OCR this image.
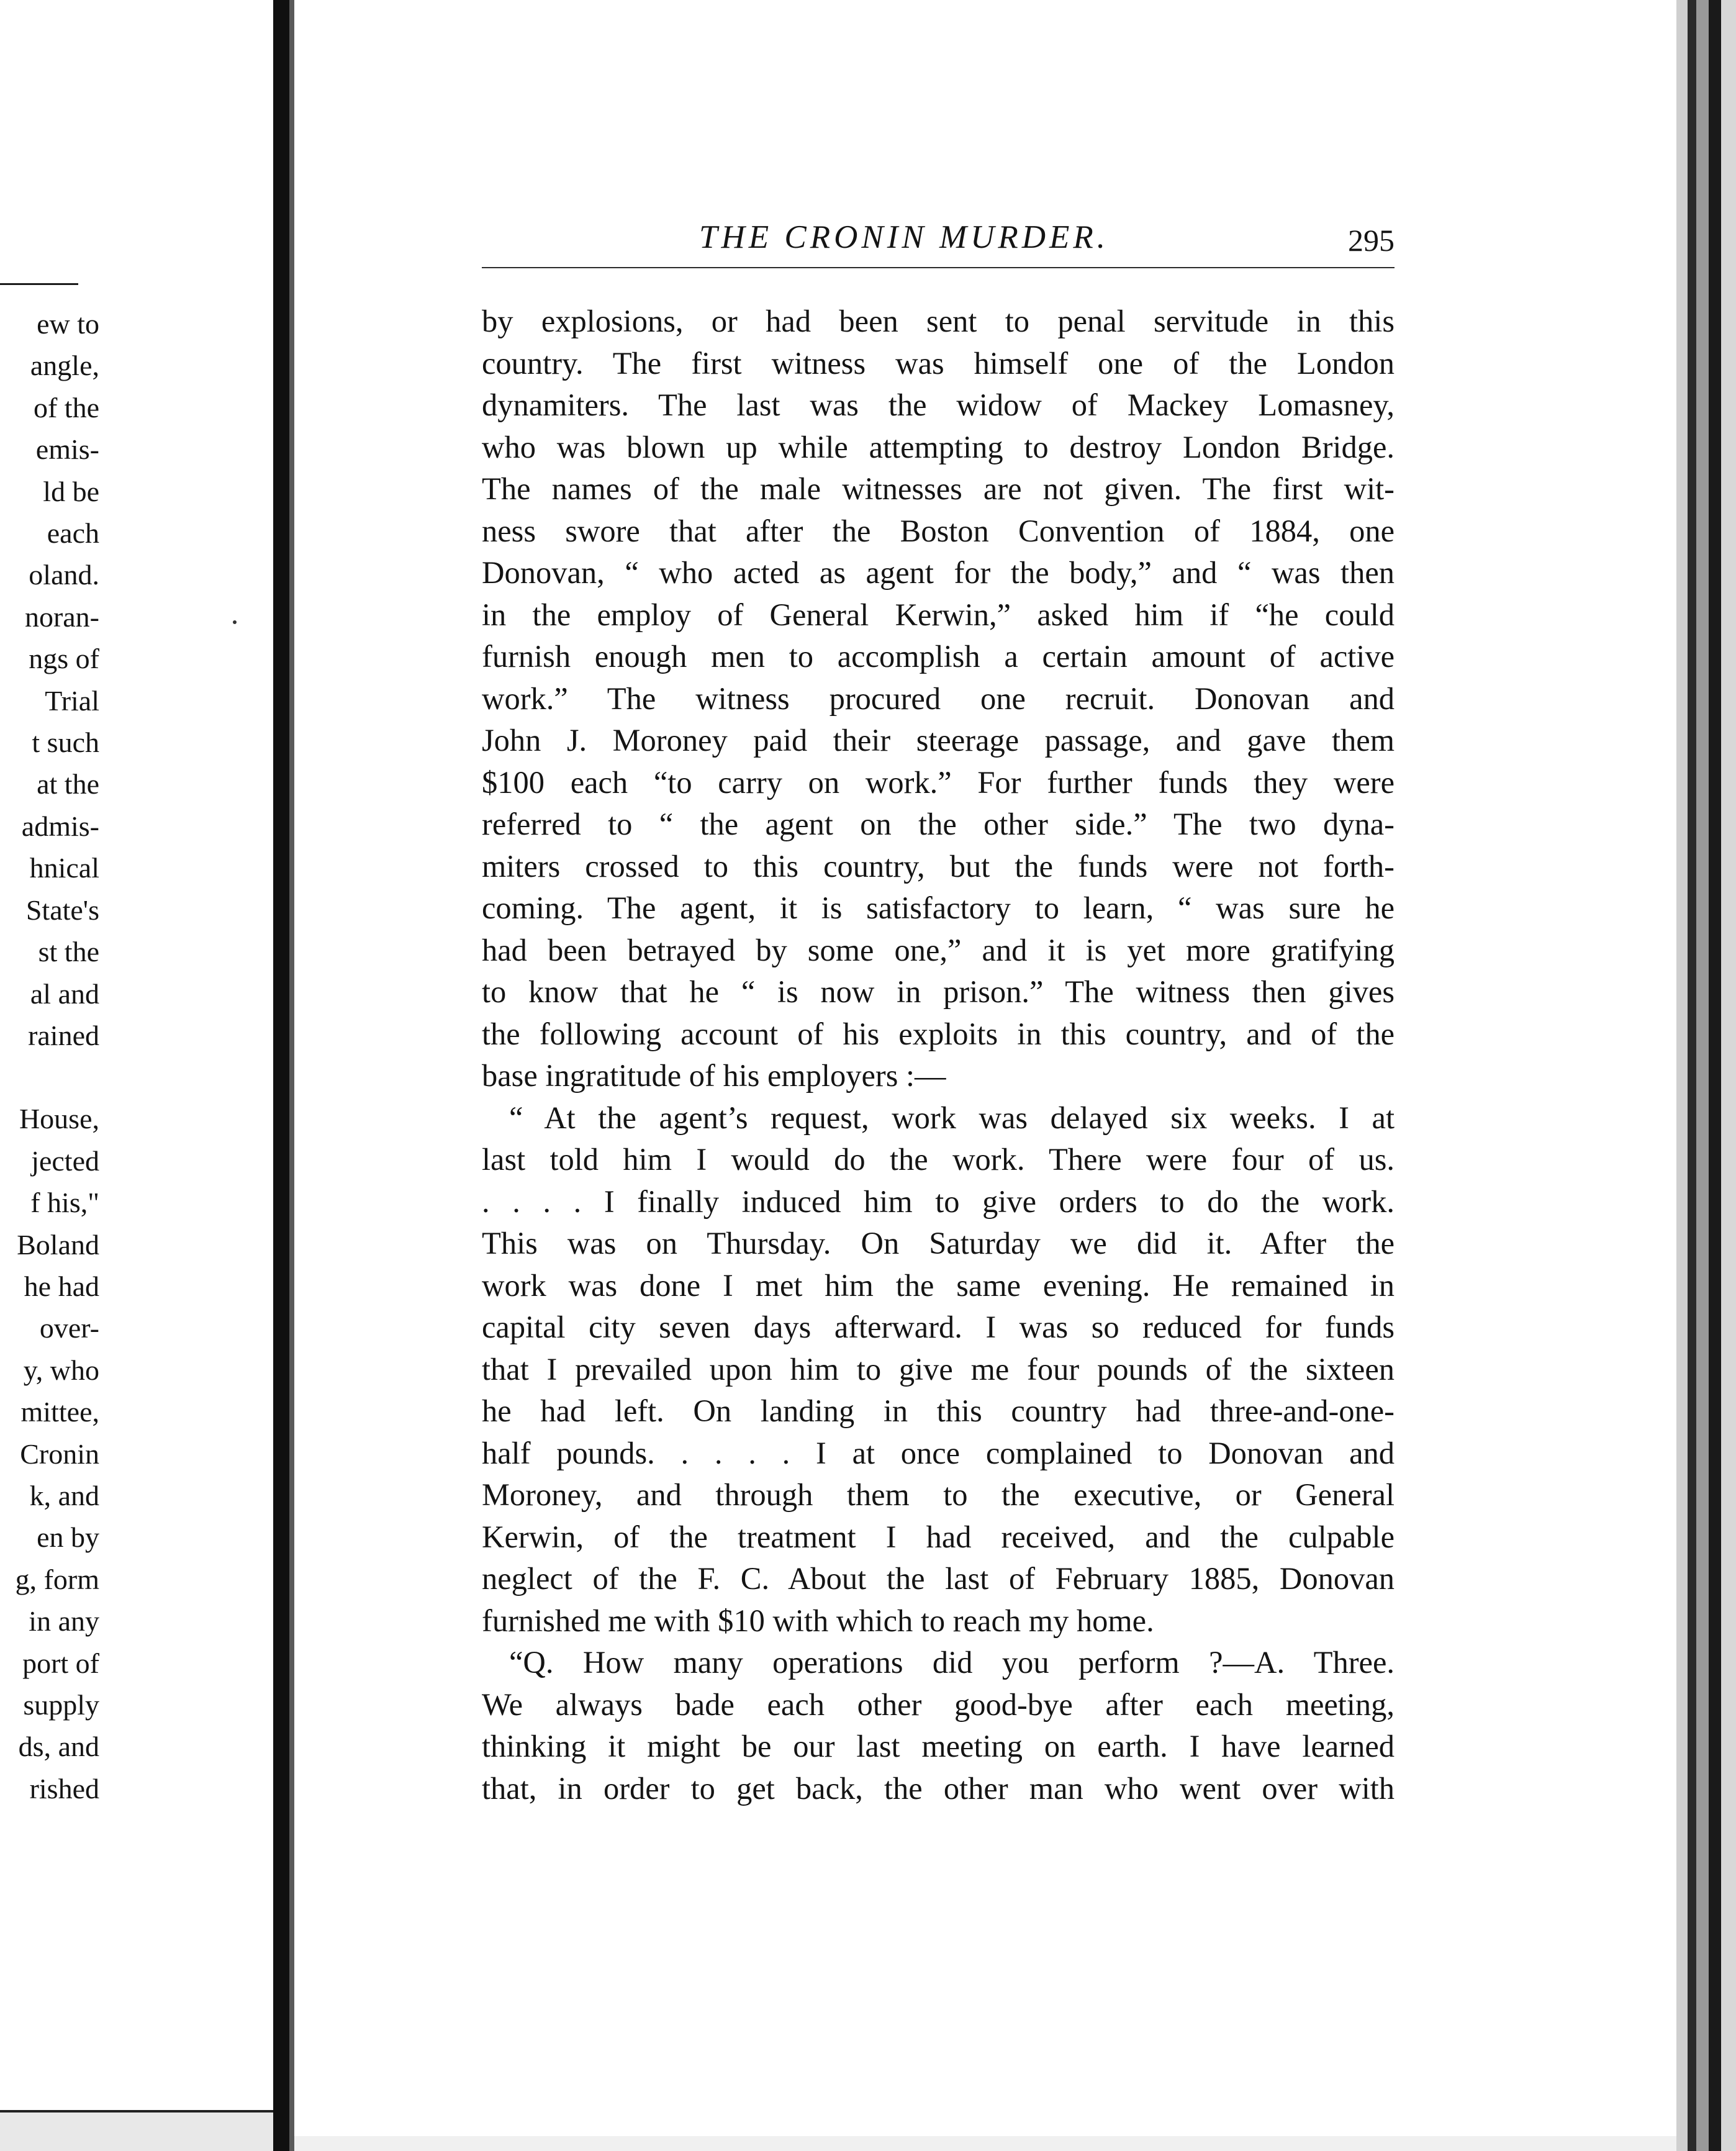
ew to
angle,
of the
emis-
ld be
each
oland.
noran-
ngs of
Trial
t such
at the
admis-
hnical
State's
st the
al and
rained
House,
jected
f his,"
Boland
he had
over-
y, who
mittee,
Cronin
k, and
en by
g, form
in any
port of
supply
ds, and
rished
THE CRONIN MURDER.	295
by explosions, or had been sent to penal servitude in this
country. The first witness was himself one of the London
dynamiters. The last was the widow of Mackey Lomasney,
who was blown up while attempting to destroy London Bridge.
The names of the male witnesses are not given. The first wit-
ness swore that after the Boston Convention of 1884, one
Donovan, “ who acted as agent for the body,” and “ was then
in the employ of General Kerwin,” asked him if “he could
furnish enough men to accomplish a certain amount of active
work.” The witness procured one recruit. Donovan and
John J. Moroney paid their steerage passage, and gave them
$100 each “to carry on work.” For further funds they were
referred to “ the agent on the other side.” The two dyna-
miters crossed to this country, but the funds were not forth-
coming. The agent, it is satisfactory to learn, “ was sure he
had been betrayed by some one,” and it is yet more gratifying
to know that he “ is now in prison.” The witness then gives
the following account of his exploits in this country, and of the
base ingratitude of his employers :—
“ At the agent’s request, work was delayed six weeks. I at
last told him I would do the work. There were four of us.
. . . . I finally induced him to give orders to do the work.
This was on Thursday. On Saturday we did it. After the
work was done I met him the same evening. He remained in
capital city seven days afterward. I was so reduced for funds
that I prevailed upon him to give me four pounds of the sixteen
he had left. On landing in this country had three-and-one-
half pounds. . . . . I at once complained to Donovan and
Moroney, and through them to the executive, or General
Kerwin, of the treatment I had received, and the culpable
neglect of the F. C. About the last of February 1885, Donovan
furnished me with $10 with which to reach my home.
“Q. How many operations did you perform ?—A. Three.
We always bade each other good-bye after each meeting,
thinking it might be our last meeting on earth. I have learned
that, in order to get back, the other man who went over with
